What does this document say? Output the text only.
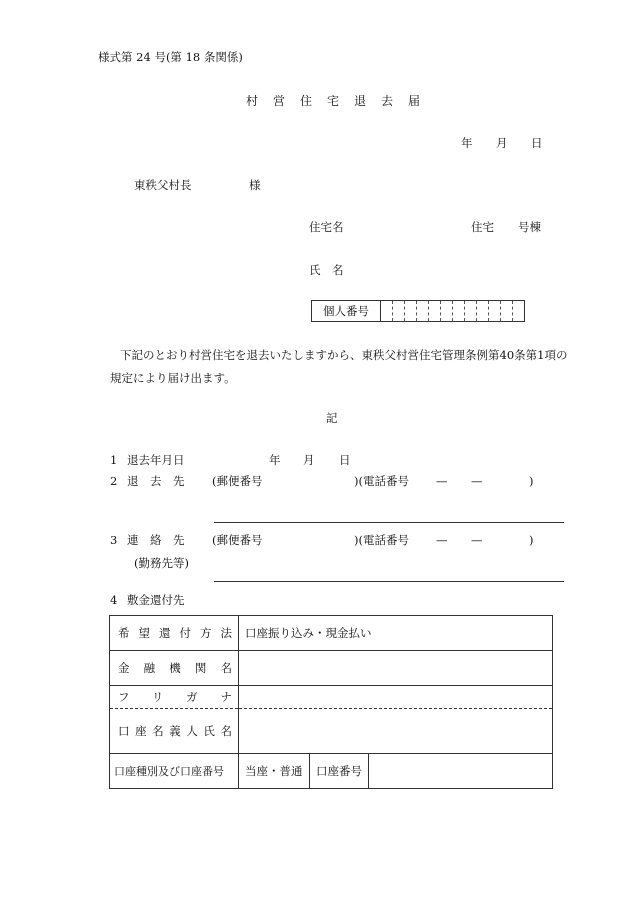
様式第 24 号(第 18 条関係)
村営住宅退去届
年 月 日
東秩父村長	様
住宅名	住宅 号棟
氏　名
個人番号												
下記のとおり村営住宅を退去いたしますから、東秩父村営住宅管理条例第40条第1項の
規定により届け出ます。
記
1 退去年月日	年 月 日
2 退　去　先 (郵便番号	)(電話番号 — —	)
3 連　絡　先 (郵便番号	)(電話番号 — —	)
(勤務先等)
4 敷金還付先
希望還付方法	口座振り込み・現金払い
金融機関名	
フリガナ	
口座名義人氏名	
口座種別及び口座番号	当座・普通	口座番号	
